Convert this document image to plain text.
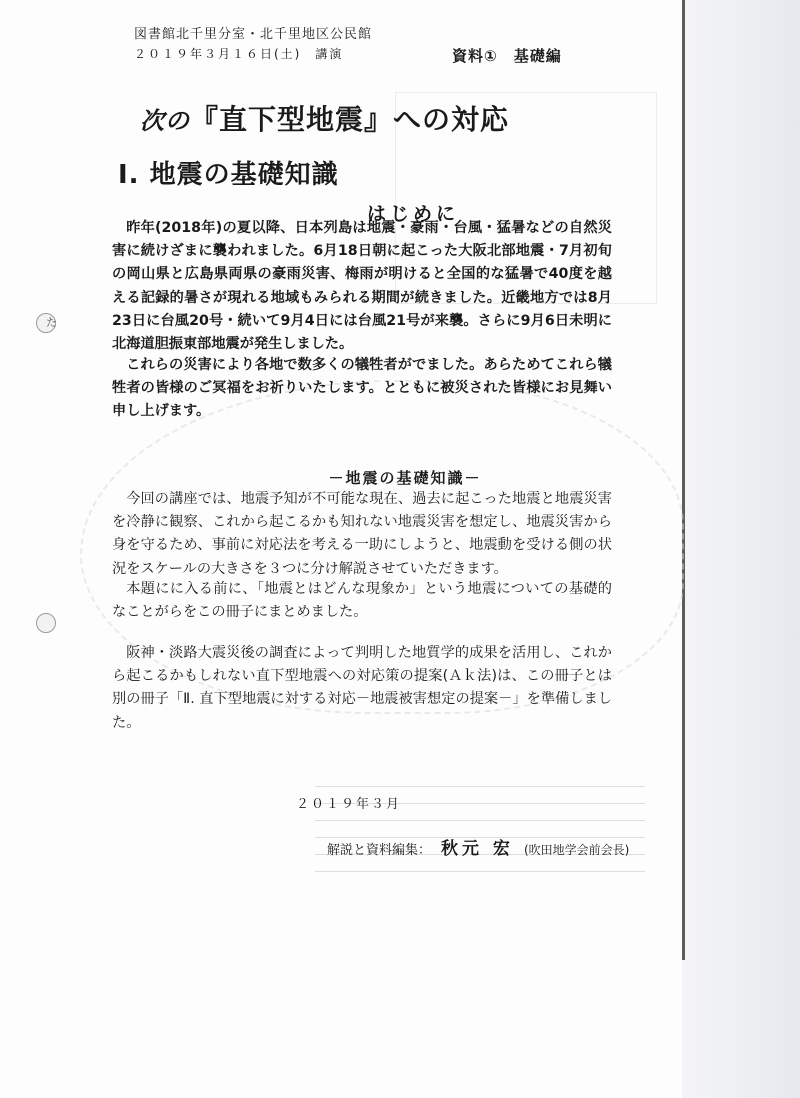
た
図書館北千里分室・北千里地区公民館
２０１９年３月１６日(土)　講演	資料①　基礎編
次の『直下型地震』への対応
Ⅰ. 地震の基礎知識
はじめに
昨年(2018年)の夏以降、日本列島は地震・豪雨・台風・猛暑などの自然災害に続けざまに襲われました。6月18日朝に起こった大阪北部地震・7月初旬の岡山県と広島県両県の豪雨災害、梅雨が明けると全国的な猛暑で40度を越える記録的暑さが現れる地域もみられる期間が続きました。近畿地方では8月23日に台風20号・続いて9月4日には台風21号が来襲。さらに9月6日未明に北海道胆振東部地震が発生しました。
これらの災害により各地で数多くの犠牲者がでました。あらためてこれら犠牲者の皆様のご冥福をお祈りいたします。とともに被災された皆様にお見舞い申し上げます。
－地震の基礎知識－
今回の講座では、地震予知が不可能な現在、過去に起こった地震と地震災害を冷静に観察、これから起こるかも知れない地震災害を想定し、地震災害から身を守るため、事前に対応法を考える一助にしようと、地震動を受ける側の状況をスケールの大きさを３つに分け解説させていただきます。
本題にに入る前に、「地震とはどんな現象か」という地震についての基礎的なことがらをこの冊子にまとめました。
阪神・淡路大震災後の調査によって判明した地質学的成果を活用し、これから起こるかもしれない直下型地震への対応策の提案(Ａｋ法)は、この冊子とは別の冊子「Ⅱ. 直下型地震に対する対応－地震被害想定の提案－」を準備しました。
２０１９年３月
解説と資料編集： 秋元 宏 (吹田地学会前会長)
